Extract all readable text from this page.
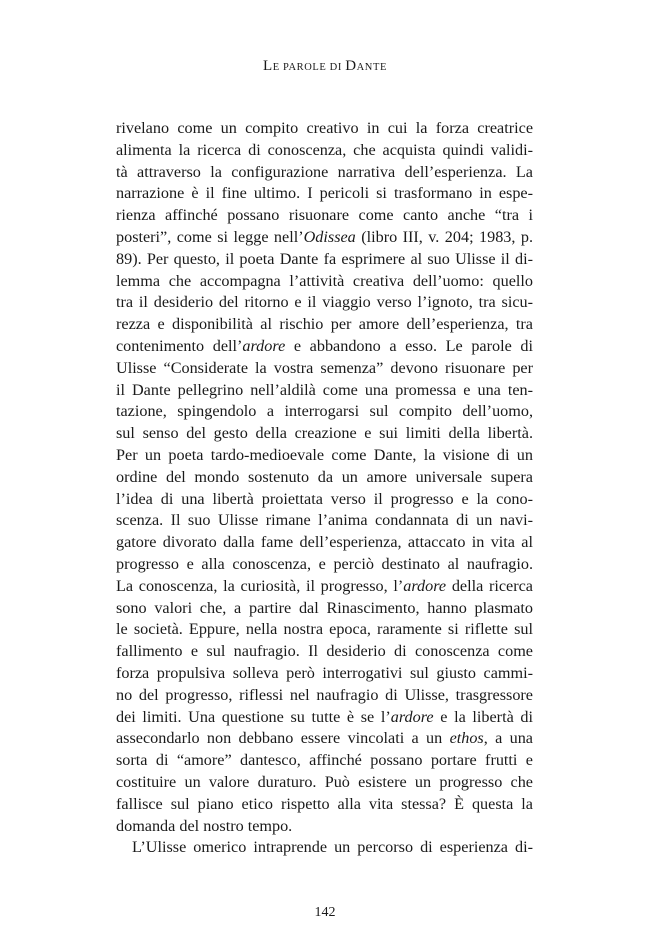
LE PAROLE DI DANTE
rivelano come un compito creativo in cui la forza creatrice
alimenta la ricerca di conoscenza, che acquista quindi validi-
tà attraverso la configurazione narrativa dell’esperienza. La
narrazione è il fine ultimo. I pericoli si trasformano in espe-
rienza affinché possano risuonare come canto anche “tra i
posteri”, come si legge nell’Odissea (libro III, v. 204; 1983, p.
89). Per questo, il poeta Dante fa esprimere al suo Ulisse il di-
lemma che accompagna l’attività creativa dell’uomo: quello
tra il desiderio del ritorno e il viaggio verso l’ignoto, tra sicu-
rezza e disponibilità al rischio per amore dell’esperienza, tra
contenimento dell’ardore e abbandono a esso. Le parole di
Ulisse “Considerate la vostra semenza” devono risuonare per
il Dante pellegrino nell’aldilà come una promessa e una ten-
tazione, spingendolo a interrogarsi sul compito dell’uomo,
sul senso del gesto della creazione e sui limiti della libertà.
Per un poeta tardo-medioevale come Dante, la visione di un
ordine del mondo sostenuto da un amore universale supera
l’idea di una libertà proiettata verso il progresso e la cono-
scenza. Il suo Ulisse rimane l’anima condannata di un navi-
gatore divorato dalla fame dell’esperienza, attaccato in vita al
progresso e alla conoscenza, e perciò destinato al naufragio.
La conoscenza, la curiosità, il progresso, l’ardore della ricerca
sono valori che, a partire dal Rinascimento, hanno plasmato
le società. Eppure, nella nostra epoca, raramente si riflette sul
fallimento e sul naufragio. Il desiderio di conoscenza come
forza propulsiva solleva però interrogativi sul giusto cammi-
no del progresso, riflessi nel naufragio di Ulisse, trasgressore
dei limiti. Una questione su tutte è se l’ardore e la libertà di
assecondarlo non debbano essere vincolati a un ethos, a una
sorta di “amore” dantesco, affinché possano portare frutti e
costituire un valore duraturo. Può esistere un progresso che
fallisce sul piano etico rispetto alla vita stessa? È questa la
domanda del nostro tempo.
L’Ulisse omerico intraprende un percorso di esperienza di-
142
